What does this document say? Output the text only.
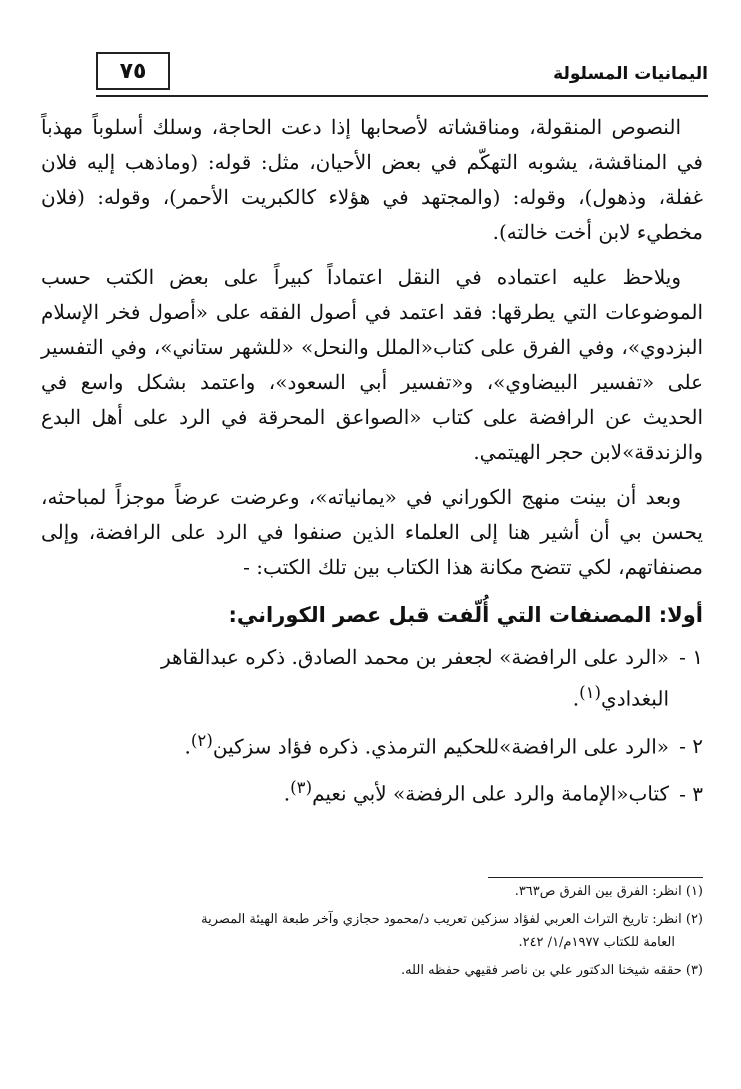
٧٥	اليمانيات المسلولة

النصوص المنقولة، ومناقشاته لأصحابها إذا دعت الحاجة، وسلك أسلوباً مهذباً في المناقشة، يشوبه التهكّم في بعض الأحيان، مثل: قوله: (وماذهب إليه فلان غفلة، وذهول)، وقوله: (والمجتهد في هؤلاء كالكبريت الأحمر)، وقوله: (فلان مخطيء لابن أخت خالته).

ويلاحظ عليه اعتماده في النقل اعتماداً كبيراً على بعض الكتب حسب الموضوعات التي يطرقها: فقد اعتمد في أصول الفقه على «أصول فخر الإسلام البزدوي»، وفي الفرق على كتاب«الملل والنحل» «للشهر ستاني»، وفي التفسير على «تفسير البيضاوي»، و«تفسير أبي السعود»، واعتمد بشكل واسع في الحديث عن الرافضة على كتاب «الصواعق المحرقة في الرد على أهل البدع والزندقة»لابن حجر الهيتمي.

وبعد أن بينت منهج الكوراني في «يمانياته»، وعرضت عرضاً موجزاً لمباحثه، يحسن بي أن أشير هنا إلى العلماء الذين صنفوا في الرد على الرافضة، وإلى مصنفاتهم، لكي تتضح مكانة هذا الكتاب بين تلك الكتب: -

أولا: المصنفات التي أُلّفت قبل عصر الكوراني:
١ -«الرد على الرافضة» لجعفر بن محمد الصادق. ذكره عبدالقاهر
البغدادي$^{(١)}$.
٢ -«الرد على الرافضة»للحكيم الترمذي. ذكره فؤاد سزكين$^{(٢)}$.
٣ -كتاب«الإمامة والرد على الرفضة» لأبي نعيم$^{(٣)}$.

(١) انظر: الفرق بين الفرق ص٣٦٣.

(٢) انظر: تاريخ التراث العربي لفؤاد سزكين تعريب د/محمود حجازي وآخر طبعة الهيئة المصرية
العامة للكتاب ١٩٧٧م/١/ ٢٤٢.

(٣) حققه شيخنا الدكتور علي بن ناصر فقيهي حفظه الله.
